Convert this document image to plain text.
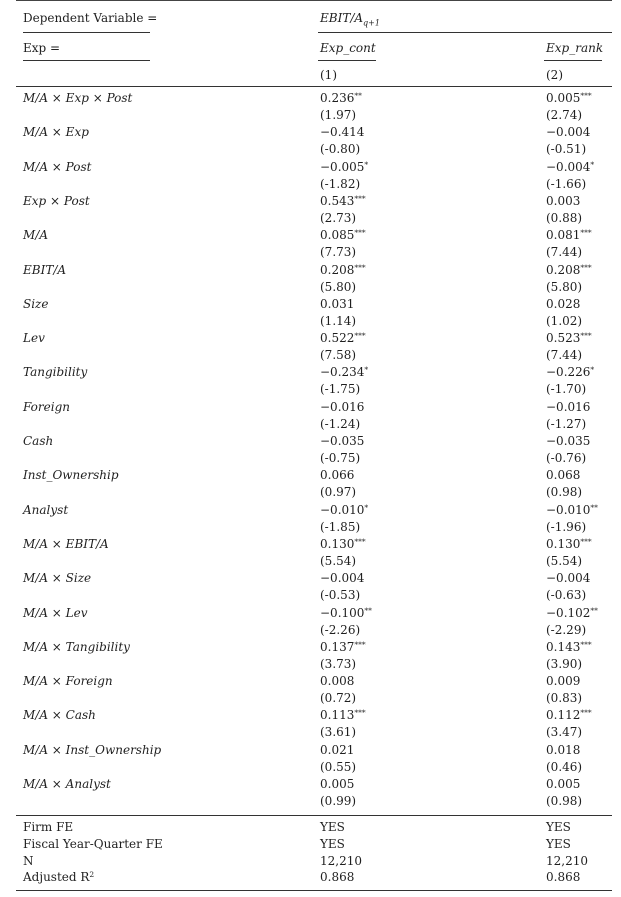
Dependent Variable =	EBIT/$A_{q+1}$
Exp =	Exp_cont	Exp_rank
(1)	(2)
M/A × Exp × Post	0.236**	0.005***
(1.97)	(2.74)
M/A × Exp	−0.414	−0.004
(-0.80)	(-0.51)
M/A × Post	−0.005*	−0.004*
(-1.82)	(-1.66)
Exp × Post	0.543***	0.003
(2.73)	(0.88)
M/A	0.085***	0.081***
(7.73)	(7.44)
EBIT/A	0.208***	0.208***
(5.80)	(5.80)
Size	0.031	0.028
(1.14)	(1.02)
Lev	0.522***	0.523***
(7.58)	(7.44)
Tangibility	−0.234*	−0.226*
(-1.75)	(-1.70)
Foreign	−0.016	−0.016
(-1.24)	(-1.27)
Cash	−0.035	−0.035
(-0.75)	(-0.76)
Inst_Ownership	0.066	0.068
(0.97)	(0.98)
Analyst	−0.010*	−0.010**
(-1.85)	(-1.96)
M/A × EBIT/A	0.130***	0.130***
(5.54)	(5.54)
M/A × Size	−0.004	−0.004
(-0.53)	(-0.63)
M/A × Lev	−0.100**	−0.102**
(-2.26)	(-2.29)
M/A × Tangibility	0.137***	0.143***
(3.73)	(3.90)
M/A × Foreign	0.008	0.009
(0.72)	(0.83)
M/A × Cash	0.113***	0.112***
(3.61)	(3.47)
M/A × Inst_Ownership	0.021	0.018
(0.55)	(0.46)
M/A × Analyst	0.005	0.005
(0.99)	(0.98)
Firm FE	YES	YES
Fiscal Year-Quarter FE	YES	YES
N	12,210	12,210
Adjusted $R^2$	0.868	0.868
